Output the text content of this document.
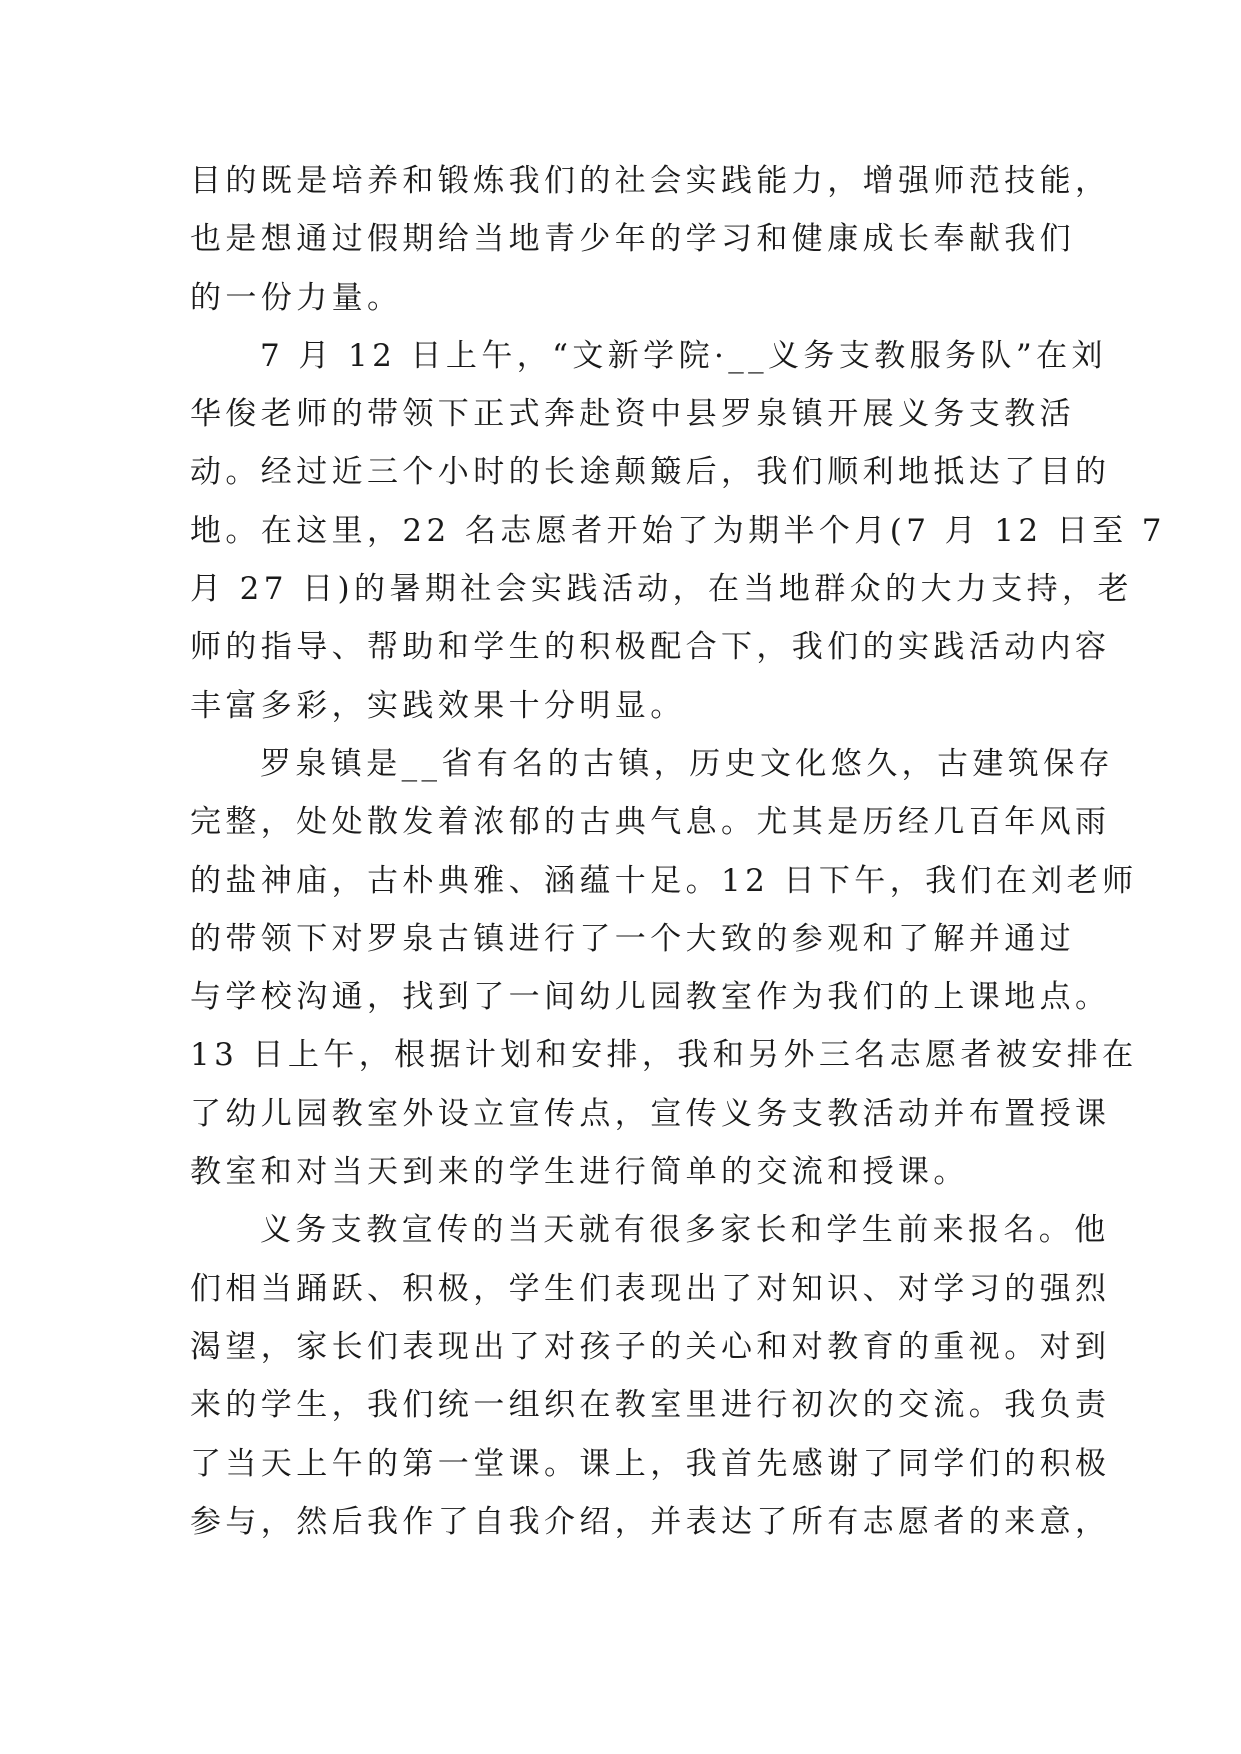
目的既是培养和锻炼我们的社会实践能力，增强师范技能，
也是想通过假期给当地青少年的学习和健康成长奉献我们
的一份力量。
7 月 12 日上午，“文新学院·__义务支教服务队”在刘
华俊老师的带领下正式奔赴资中县罗泉镇开展义务支教活
动。经过近三个小时的长途颠簸后，我们顺利地抵达了目的
地。在这里，22 名志愿者开始了为期半个月(7 月 12 日至 7
月 27 日)的暑期社会实践活动，在当地群众的大力支持，老
师的指导、帮助和学生的积极配合下，我们的实践活动内容
丰富多彩，实践效果十分明显。
罗泉镇是__省有名的古镇，历史文化悠久，古建筑保存
完整，处处散发着浓郁的古典气息。尤其是历经几百年风雨
的盐神庙，古朴典雅、涵蕴十足。12 日下午，我们在刘老师
的带领下对罗泉古镇进行了一个大致的参观和了解并通过
与学校沟通，找到了一间幼儿园教室作为我们的上课地点。
13 日上午，根据计划和安排，我和另外三名志愿者被安排在
了幼儿园教室外设立宣传点，宣传义务支教活动并布置授课
教室和对当天到来的学生进行简单的交流和授课。
义务支教宣传的当天就有很多家长和学生前来报名。他
们相当踊跃、积极，学生们表现出了对知识、对学习的强烈
渴望，家长们表现出了对孩子的关心和对教育的重视。对到
来的学生，我们统一组织在教室里进行初次的交流。我负责
了当天上午的第一堂课。课上，我首先感谢了同学们的积极
参与，然后我作了自我介绍，并表达了所有志愿者的来意，
